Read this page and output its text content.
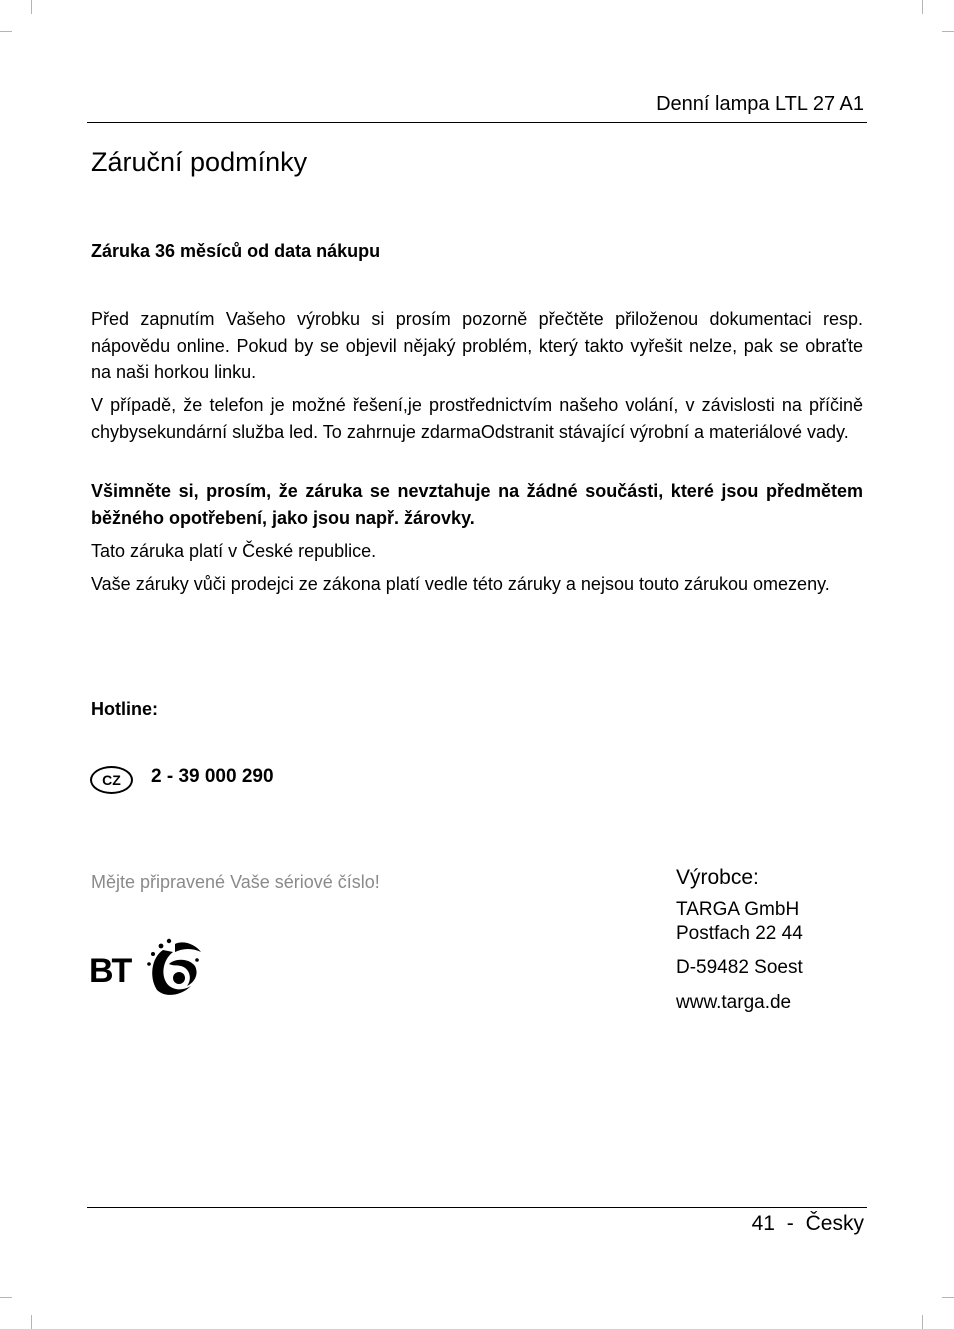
Denní lampa LTL 27 A1
Záruční podmínky
Záruka 36 měsíců od data nákupu

Před zapnutím Vašeho výrobku si prosím pozorně přečtěte přiloženou dokumentaci resp. nápovědu online. Pokud by se objevil nějaký problém, který takto vyřešit nelze, pak se obraťte na naši horkou linku.

V případě, že telefon je možné řešení,je prostřednictvím našeho volání, v závislosti na příčině chybysekundární služba led. To zahrnuje zdarmaOdstranit stávající výrobní a materiálové vady.

Všimněte si, prosím, že záruka se nevztahuje na žádné součásti, které jsou předmětem běžného opotřebení, jako jsou např. žárovky.

Tato záruka platí v České republice.

Vaše záruky vůči prodejci ze zákona platí vedle této záruky a nejsou touto zárukou omezeny.

Hotline:
CZ	2 - 39 000 290
Mějte připravené Vaše sériové číslo!
BT
Výrobce:
TARGA GmbH
Postfach 22 44
D-59482 Soest
www.targa.de
41 - Česky
